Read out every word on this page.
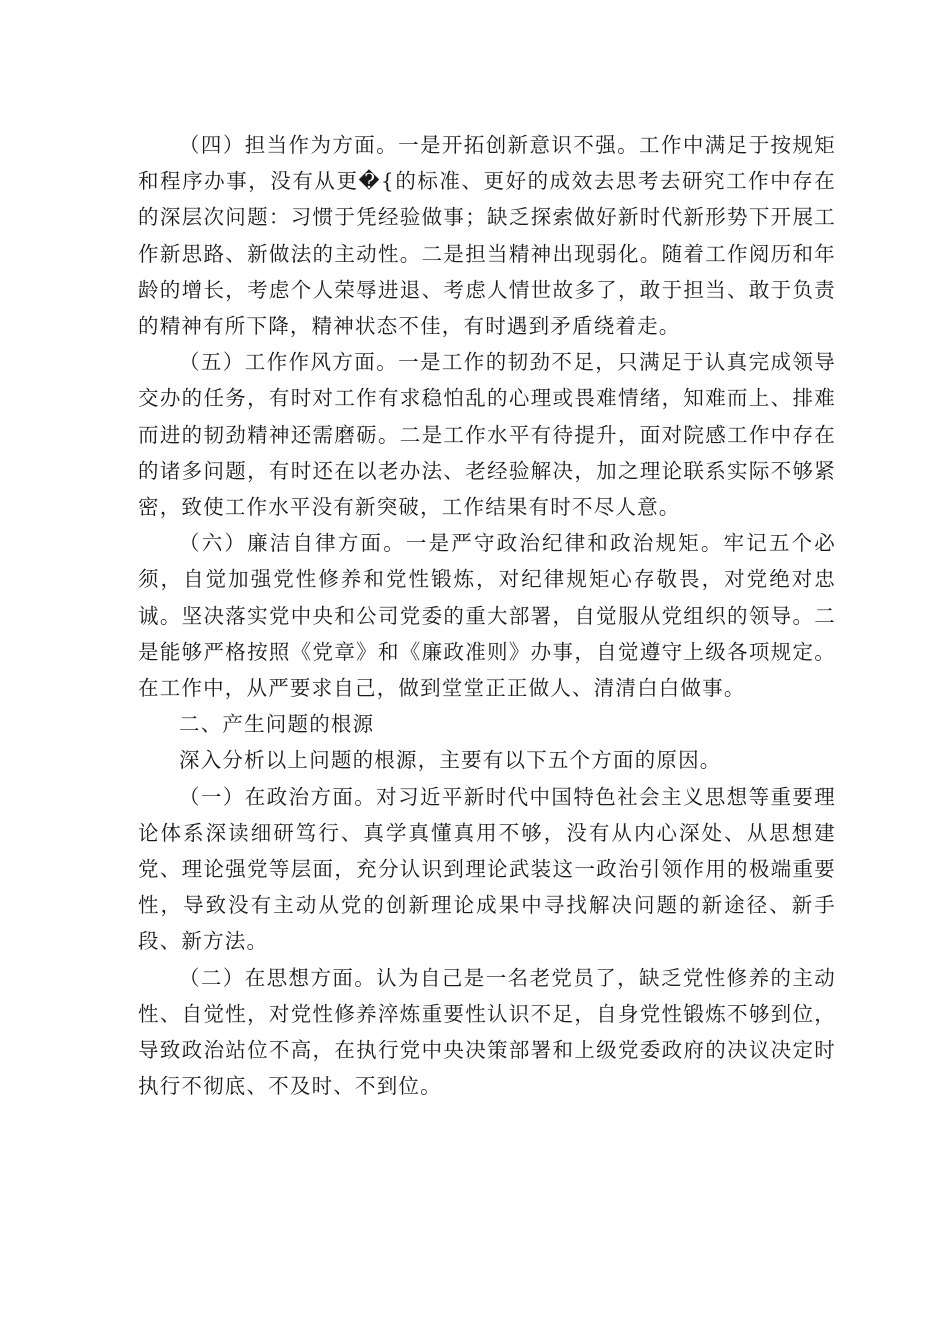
（四）担当作为方面。一是开拓创新意识不强。工作中满足于按规矩和程序办事，没有从更�{的标准、更好的成效去思考去研究工作中存在的深层次问题：习惯于凭经验做事；缺乏探索做好新时代新形势下开展工作新思路、新做法的主动性。二是担当精神出现弱化。随着工作阅历和年龄的增长，考虑个人荣辱进退、考虑人情世故多了，敢于担当、敢于负责的精神有所下降，精神状态不佳，有时遇到矛盾绕着走。

（五）工作作风方面。一是工作的韧劲不足，只满足于认真完成领导交办的任务，有时对工作有求稳怕乱的心理或畏难情绪，知难而上、排难而进的韧劲精神还需磨砺。二是工作水平有待提升，面对院感工作中存在的诸多问题，有时还在以老办法、老经验解决，加之理论联系实际不够紧密，致使工作水平没有新突破，工作结果有时不尽人意。

（六）廉洁自律方面。一是严守政治纪律和政治规矩。牢记五个必须，自觉加强党性修养和党性锻炼，对纪律规矩心存敬畏，对党绝对忠诚。坚决落实党中央和公司党委的重大部署，自觉服从党组织的领导。二是能够严格按照《党章》和《廉政准则》办事，自觉遵守上级各项规定。在工作中，从严要求自己，做到堂堂正正做人、清清白白做事。

二、产生问题的根源

深入分析以上问题的根源，主要有以下五个方面的原因。

（一）在政治方面。对习近平新时代中国特色社会主义思想等重要理论体系深读细研笃行、真学真懂真用不够，没有从内心深处、从思想建党、理论强党等层面，充分认识到理论武装这一政治引领作用的极端重要性，导致没有主动从党的创新理论成果中寻找解决问题的新途径、新手段、新方法。

（二）在思想方面。认为自己是一名老党员了，缺乏党性修养的主动性、自觉性，对党性修养淬炼重要性认识不足，自身党性锻炼不够到位，导致政治站位不高，在执行党中央决策部署和上级党委政府的决议决定时执行不彻底、不及时、不到位。
